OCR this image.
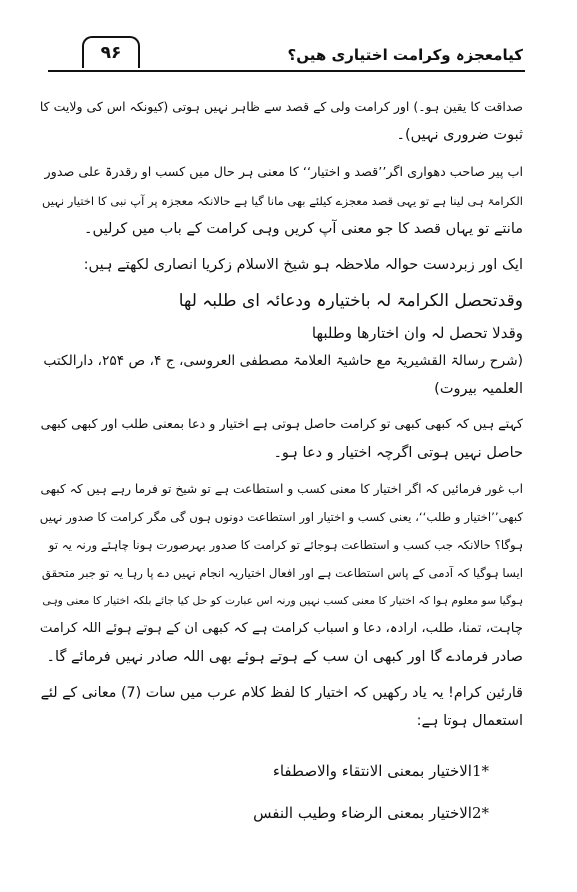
۹۶	کیامعجزہ وکرامت اختیاری ھیں؟
صداقت کا یقین ہو۔) اور کرامت ولی کے قصد سے ظاہر نہیں ہوتی (کیونکہ اس کی ولایت کا
ثبوت ضروری نہیں)۔
اب پیر صاحب دھواری اگر’’قصد و اختیار‘‘ کا معنی ہر حال میں کسب او رقدرۃ علی صدور
الکرامۃ ہی لینا ہے تو یہی قصد معجزے کیلئے بھی مانا گیا ہے حالانکہ معجزہ پر آپ نبی کا اختیار نہیں
مانتے تو یہاں قصد کا جو معنی آپ کریں وہی کرامت کے باب میں کرلیں۔
ایک اور زبردست حوالہ ملاحظہ ہو شیخ الاسلام زکریا انصاری لکھتے ہیں:
وقدتحصل الکرامۃ لہ باختیارہ ودعائہ ای طلبہ لھا
وقدلا تحصل لہ وان اختارھا وطلبھا
(شرح رسالۃ القشیریۃ مع حاشیۃ العلامۃ مصطفی العروسی، ج ۴، ص ۲۵۴، دارالکتب
العلمیہ بیروت)
کہتے ہیں کہ کبھی کبھی تو کرامت حاصل ہوتی ہے اختیار و دعا بمعنی طلب اور کبھی کبھی
حاصل نہیں ہوتی اگرچہ اختیار و دعا ہو۔
اب غور فرمائیں کہ اگر اختیار کا معنی کسب و استطاعت ہے تو شیخ تو فرما رہے ہیں کہ کبھی
کبھی’’اختیار و طلب‘‘، یعنی کسب و اختیار اور استطاعت دونوں ہوں گی مگر کرامت کا صدور نہیں
ہوگا؟ حالانکہ جب کسب و استطاعت ہوجائے تو کرامت کا صدور بہرصورت ہونا چاہئے ورنہ یہ تو
ایسا ہوگیا کہ آدمی کے پاس استطاعت ہے اور افعال اختیاریہ انجام نہیں دے پا رہا یہ تو جبر متحقق
ہوگیا سو معلوم ہوا کہ اختیار کا معنی کسب نہیں ورنہ اس عبارت کو حل کیا جائے بلکہ اختیار کا معنی وہی
چاہت، تمنا، طلب، ارادہ، دعا و اسباب کرامت ہے کہ کبھی ان کے ہوتے ہوئے اللہ کرامت
صادر فرمادے گا اور کبھی ان سب کے ہوتے ہوئے بھی اللہ صادر نہیں فرمائے گا۔
قارئین کرام! یہ یاد رکھیں کہ اختیار کا لفظ کلام عرب میں سات (7) معانی کے لئے
استعمال ہوتا ہے:
*1الاختیار بمعنی الانتقاء والاصطفاء
*2الاختیار بمعنی الرضاء وطیب النفس
